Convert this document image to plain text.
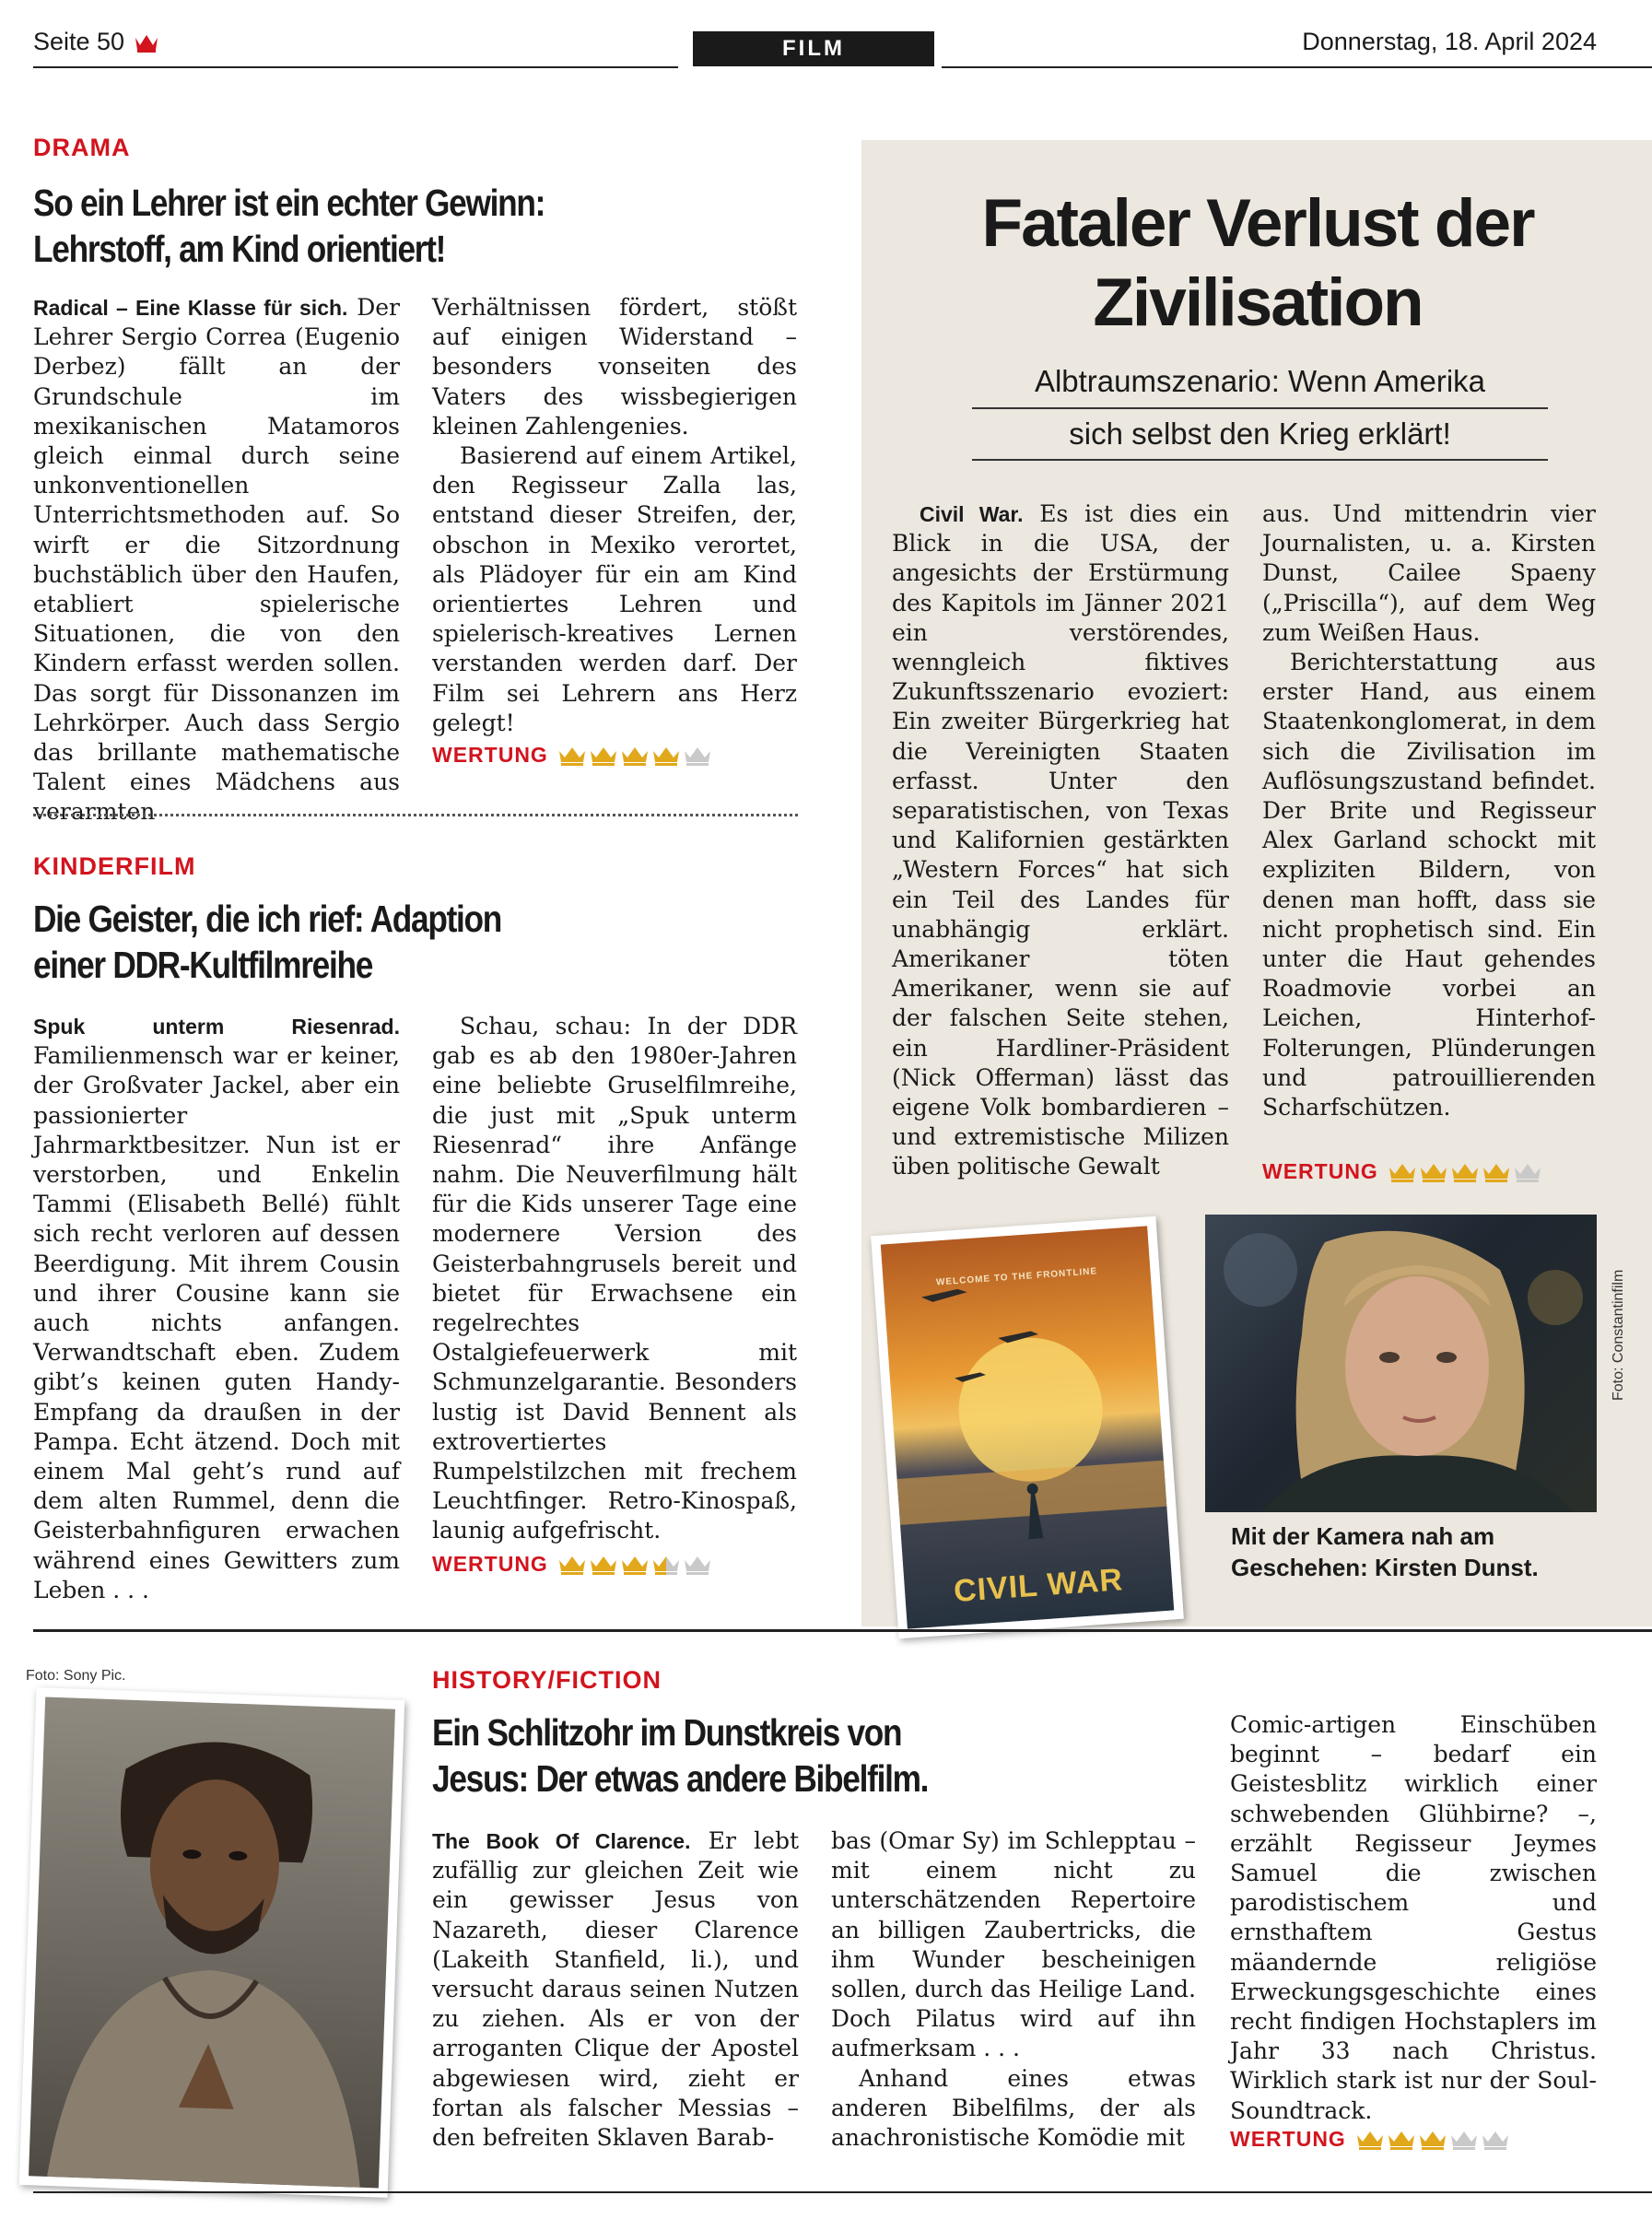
Seite 50	FILM	Donnerstag, 18. April 2024
DRAMA
So ein Lehrer ist ein echter Gewinn:
Lehrstoff, am Kind orientiert!

Radical – Eine Klasse für sich. Der Lehrer Sergio Correa (Eugenio Derbez) fällt an der Grundschule im mexikanischen Matamoros gleich einmal durch seine unkonventionellen Unterrichtsmethoden auf. So wirft er die Sitzordnung buchstäblich über den Haufen, etabliert spielerische Situationen, die von den Kindern erfasst werden sollen. Das sorgt für Dissonanzen im Lehrkörper. Auch dass Sergio das brillante mathematische Talent eines Mädchens aus verarmten

Verhältnissen fördert, stößt auf einigen Widerstand – besonders vonseiten des Vaters des wissbegierigen kleinen Zahlengenies.

Basierend auf einem Artikel, den Regisseur Zalla las, entstand dieser Streifen, der, obschon in Mexiko verortet, als Plädoyer für ein am Kind orientiertes Lehren und spielerisch-kreatives Lernen verstanden werden darf. Der Film sei Lehrern ans Herz gelegt!

WERTUNG
KINDERFILM
Die Geister, die ich rief: Adaption
einer DDR-Kultfilmreihe

Spuk unterm Riesenrad. Familienmensch war er keiner, der Großvater Jackel, aber ein passionierter Jahrmarktbesitzer. Nun ist er verstorben, und Enkelin Tammi (Elisabeth Bellé) fühlt sich recht verloren auf dessen Beerdigung. Mit ihrem Cousin und ihrer Cousine kann sie auch nichts anfangen. Verwandtschaft eben. Zudem gibt’s keinen guten Handy-Empfang da draußen in der Pampa. Echt ätzend. Doch mit einem Mal geht’s rund auf dem alten Rummel, denn die Geisterbahnfiguren erwachen während eines Gewitters zum Leben . . .

Schau, schau: In der DDR gab es ab den 1980er-Jahren eine beliebte Gruselfilmreihe, die just mit „Spuk unterm Riesenrad“ ihre Anfänge nahm. Die Neuverfilmung hält für die Kids unserer Tage eine modernere Version des Geisterbahngrusels bereit und bietet für Erwachsene ein regelrechtes Ostalgiefeuerwerk mit Schmunzelgarantie. Besonders lustig ist David Bennent als extrovertiertes Rumpelstilzchen mit frechem Leuchtfinger. Retro-Kinospaß, launig aufgefrischt.

WERTUNG
Fataler Verlust der
Zivilisation
Albtraumszenario: Wenn Amerika
sich selbst den Krieg erklärt!

Civil War. Es ist dies ein Blick in die USA, der angesichts der Erstürmung des Kapitols im Jänner 2021 ein verstörendes, wenngleich fiktives Zukunftsszenario evoziert: Ein zweiter Bürgerkrieg hat die Vereinigten Staaten erfasst. Unter den separatistischen, von Texas und Kalifornien gestärkten „Western Forces“ hat sich ein Teil des Landes für unabhängig erklärt. Amerikaner töten Amerikaner, wenn sie auf der falschen Seite stehen, ein Hardliner-Präsident (Nick Offerman) lässt das eigene Volk bombardieren – und extremistische Milizen üben politische Gewalt

aus. Und mittendrin vier Journalisten, u. a. Kirsten Dunst, Cailee Spaeny („Priscilla“), auf dem Weg zum Weißen Haus.

Berichterstattung aus erster Hand, aus einem Staatenkonglomerat, in dem sich die Zivilisation im Auflösungszustand befindet. Der Brite und Regisseur Alex Garland schockt mit expliziten Bildern, von denen man hofft, dass sie nicht prophetisch sind. Ein unter die Haut gehendes Roadmovie vorbei an Leichen, Hinterhof-Folterungen, Plünderungen und patrouillierenden Scharfschützen.

WERTUNG
WELCOME TO THE FRONTLINE
CIVIL WAR
Foto: Constantinfilm
Mit der Kamera nah am
Geschehen: Kirsten Dunst.
Foto: Sony Pic.	HISTORY/FICTION
Ein Schlitzohr im Dunstkreis von
Jesus: Der etwas andere Bibelfilm.

The Book Of Clarence. Er lebt zufällig zur gleichen Zeit wie ein gewisser Jesus von Nazareth, dieser Clarence (Lakeith Stanfield, li.), und versucht daraus seinen Nutzen zu ziehen. Als er von der arroganten Clique der Apostel abgewiesen wird, zieht er fortan als falscher Messias – den befreiten Sklaven Barab-

bas (Omar Sy) im Schlepptau – mit einem nicht zu unterschätzenden Repertoire an billigen Zaubertricks, die ihm Wunder bescheinigen sollen, durch das Heilige Land. Doch Pilatus wird auf ihn aufmerksam . . .

Anhand eines etwas anderen Bibelfilms, der als anachronistische Komödie mit

Comic-artigen Einschüben beginnt – bedarf ein Geistesblitz wirklich einer schwebenden Glühbirne? –, erzählt Regisseur Jeymes Samuel die zwischen parodistischem und ernsthaftem Gestus mäandernde religiöse Erweckungsgeschichte eines recht findigen Hochstaplers im Jahr 33 nach Christus. Wirklich stark ist nur der Soul-Soundtrack.

WERTUNG
